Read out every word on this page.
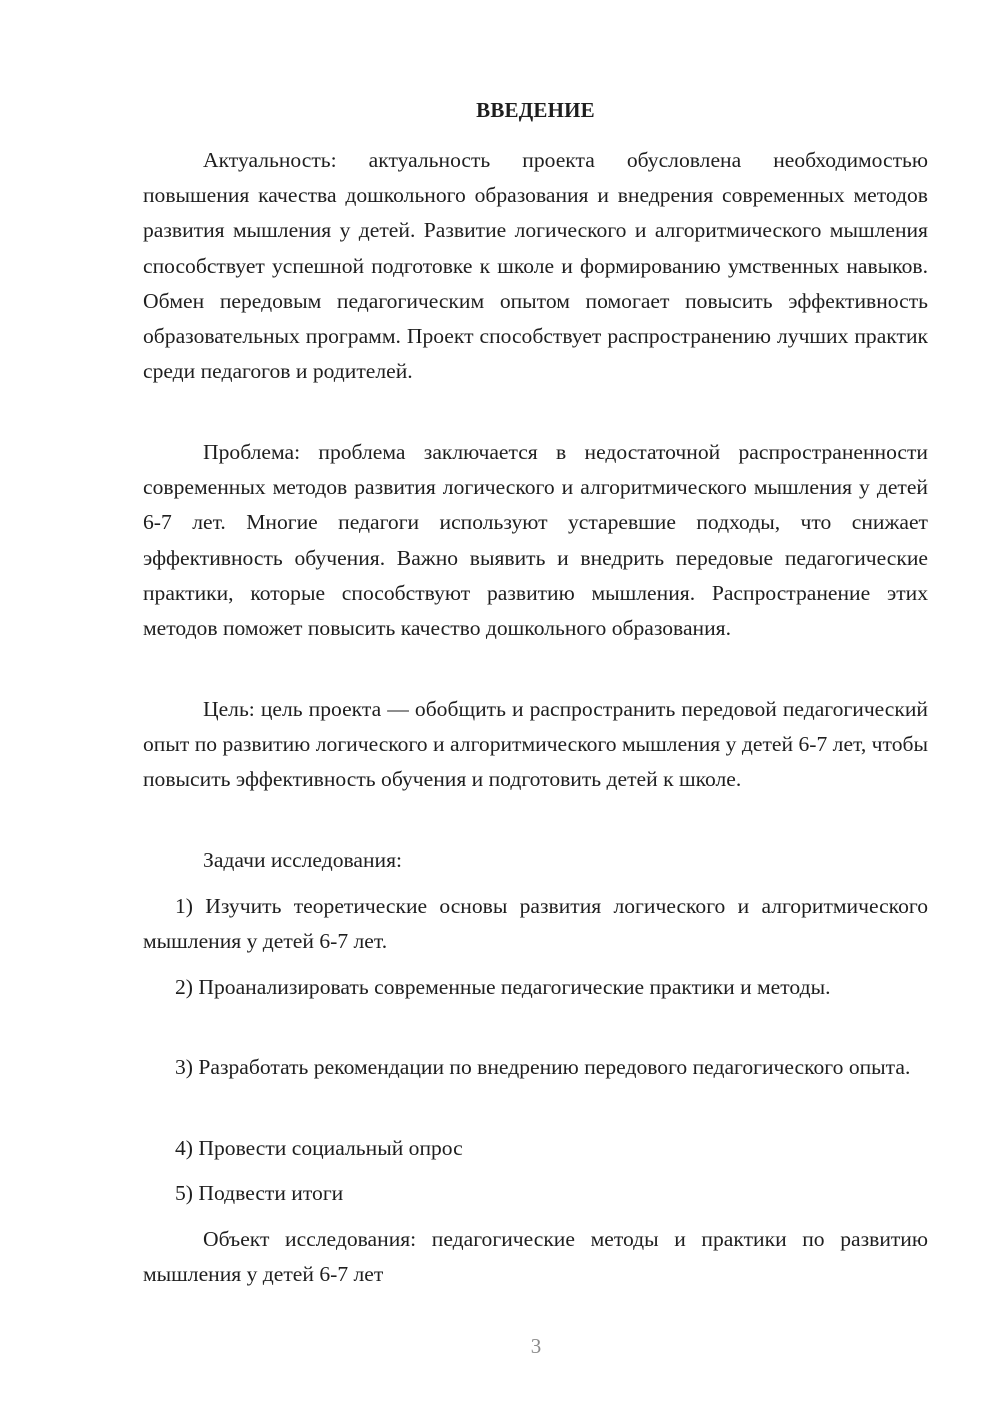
ВВЕДЕНИЕ

Актуальность: актуальность проекта обусловлена необходимостью повышения качества дошкольного образования и внедрения современных методов развития мышления у детей. Развитие логического и алгоритмического мышления способствует успешной подготовке к школе и формированию умственных навыков. Обмен передовым педагогическим опытом помогает повысить эффективность образовательных программ. Проект способствует распространению лучших практик среди педагогов и родителей.

Проблема: проблема заключается в недостаточной распространенности современных методов развития логического и алгоритмического мышления у детей 6-7 лет. Многие педагоги используют устаревшие подходы, что снижает эффективность обучения. Важно выявить и внедрить передовые педагогические практики, которые способствуют развитию мышления. Распространение этих методов поможет повысить качество дошкольного образования.

Цель: цель проекта — обобщить и распространить передовой педагогический опыт по развитию логического и алгоритмического мышления у детей 6-7 лет, чтобы повысить эффективность обучения и подготовить детей к школе.

Задачи исследования:

1) Изучить теоретические основы развития логического и алгоритмического мышления у детей 6-7 лет.

2) Проанализировать современные педагогические практики и методы.

3) Разработать рекомендации по внедрению передового педагогического опыта.

4) Провести социальный опрос

5) Подвести итоги

Объект исследования: педагогические методы и практики по развитию мышления у детей 6-7 лет

3
